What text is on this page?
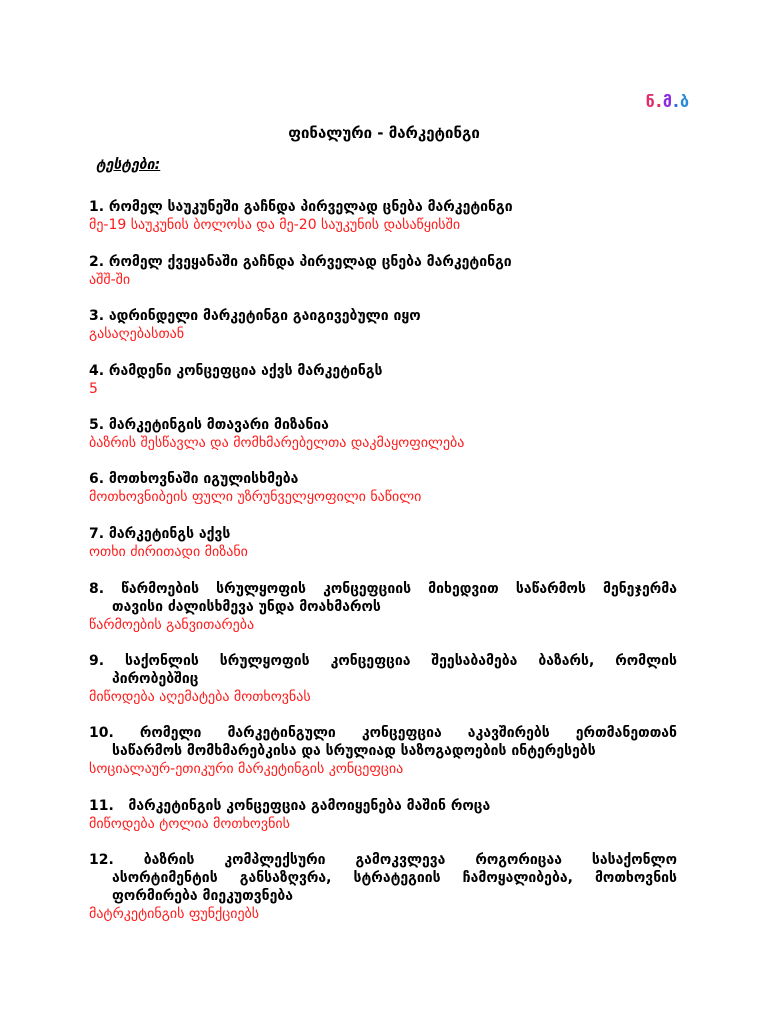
ნ.მ.ბ
ფინალური - მარკეტინგი
ტესტები:
1. რომელ საუკუნეში გაჩნდა პირველად ცნება მარკეტინგი
მე-19 საუკუნის ბოლოსა და მე-20 საუკუნის დასაწყისში
2. რომელ ქვეყანაში გაჩნდა პირველად ცნება მარკეტინგი
აშშ-ში
3. ადრინდელი მარკეტინგი გაიგივებული იყო
გასაღებასთან
4. რამდენი კონცეფცია აქვს მარკეტინგს
5
5. მარკეტინგის მთავარი მიზანია
ბაზრის შესწავლა და მომხმარებელთა დაკმაყოფილება
6. მოთხოვნაში იგულისხმება
მოთხოვნიბეის ფული უზრუნველყოფილი ნაწილი
7. მარკეტინგს აქვს
ოთხი ძირითადი მიზანი
8. წარმოების სრულყოფის კონცეფციის მიხედვით საწარმოს მენეჯერმა
თავისი ძალისხმევა უნდა მოახმაროს
წარმოების განვითარება
9. საქონლის სრულყოფის კონცეფცია შეესაბამება ბაზარს, რომლის
პირობებშიც
მიწოდება აღემატება მოთხოვნას
10. რომელი მარკეტინგული კონცეფცია აკავშირებს ერთმანეთთან
საწარმოს მომხმარებკისა და სრულიად საზოგადოების ინტერესებს
სოციალაურ-ეთიკური მარკეტინგის კონცეფცია
11.   მარკეტინგის კონცეფცია გამოიყენება მაშინ როცა
მიწოდება ტოლია მოთხოვნის
12. ბაზრის კომპლექსური გამოკვლევა როგორიცაა სასაქონლო
ასორტიმენტის განსაზღვრა, სტრატეგიის ჩამოყალიბება, მოთხოვნის
ფორმირება მიეკუთვნება
მატრკეტინგის ფუნქციებს
